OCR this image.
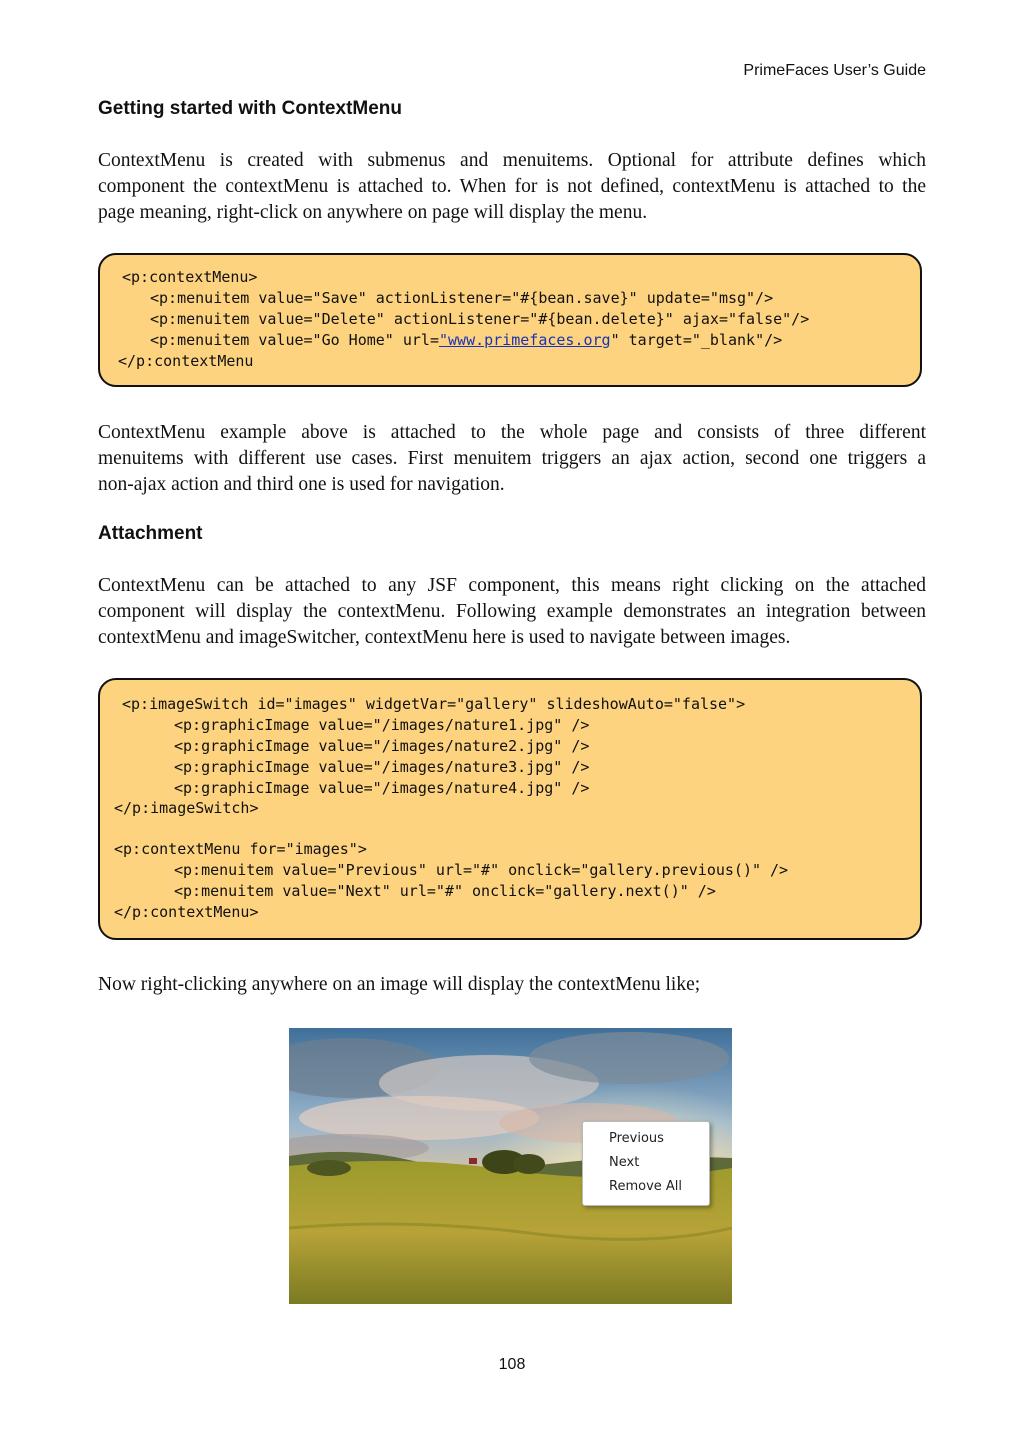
PrimeFaces User’s Guide
Getting started with ContextMenu

ContextMenu is created with submenus and menuitems. Optional for attribute defines which
component the contextMenu is attached to. When for is not defined, contextMenu is attached to the
page meaning, right-click on anywhere on page will display the menu.

<p:contextMenu>
<p:menuitem value="Save" actionListener="#{bean.save}" update="msg"/>
<p:menuitem value="Delete" actionListener="#{bean.delete}" ajax="false"/>
<p:menuitem value="Go Home" url="www.primefaces.org" target="_blank"/>
</p:contextMenu

ContextMenu example above is attached to the whole page and consists of three different
menuitems with different use cases. First menuitem triggers an ajax action, second one triggers a
non-ajax action and third one is used for navigation.

Attachment

ContextMenu can be attached to any JSF component, this means right clicking on the attached
component will display the contextMenu. Following example demonstrates an integration between
contextMenu and imageSwitcher, contextMenu here is used to navigate between images.

<p:imageSwitch id="images" widgetVar="gallery" slideshowAuto="false">
<p:graphicImage value="/images/nature1.jpg" />
<p:graphicImage value="/images/nature2.jpg" />
<p:graphicImage value="/images/nature3.jpg" />
<p:graphicImage value="/images/nature4.jpg" />
</p:imageSwitch>
<p:contextMenu for="images">
<p:menuitem value="Previous" url="#" onclick="gallery.previous()" />
<p:menuitem value="Next" url="#" onclick="gallery.next()" />
</p:contextMenu>

Now right-clicking anywhere on an image will display the contextMenu like;

Previous
Next
Remove All
108
